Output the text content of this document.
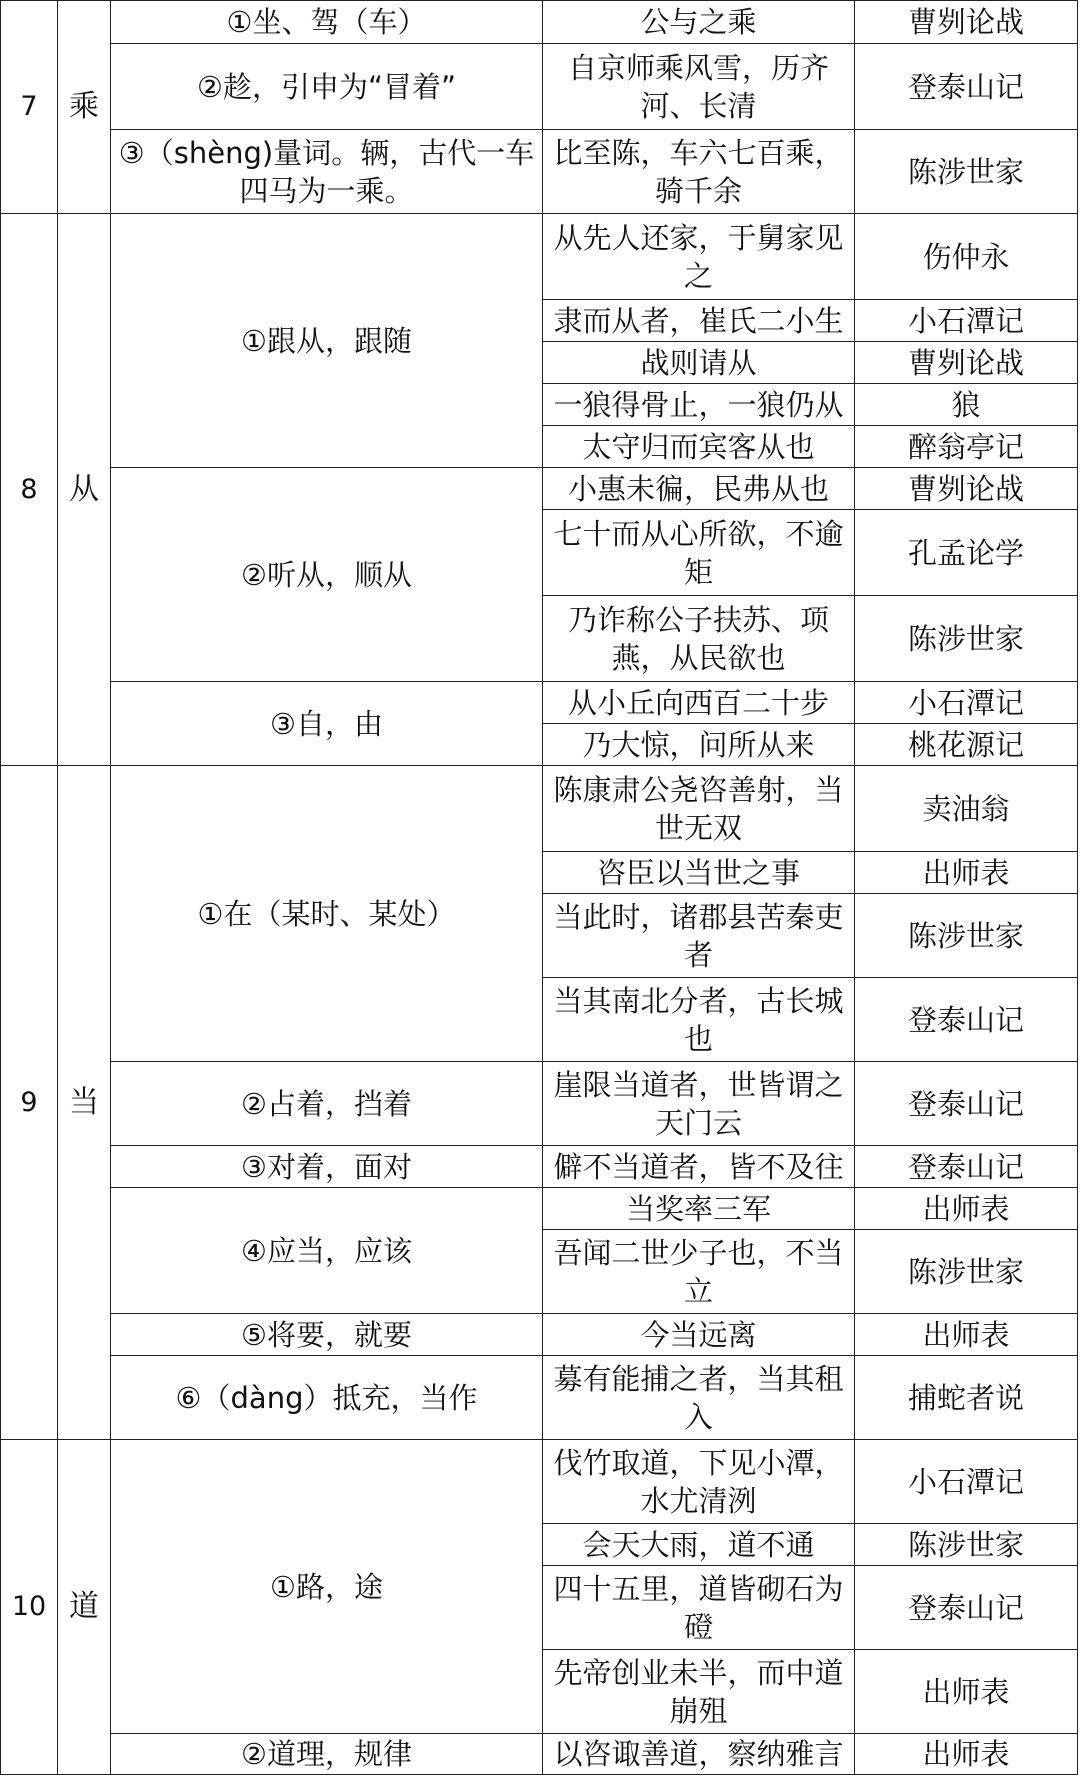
7	乘	①坐、驾（车）	公与之乘	曹刿论战
		②趁，引申为“冒着”	自京师乘风雪，历齐河、长清	登泰山记
		③（shèng)量词。辆，古代一车四马为一乘。	比至陈，车六七百乘，骑千余	陈涉世家
8	从	①跟从，跟随	从先人还家，于舅家见之	伤仲永
			隶而从者，崔氏二小生	小石潭记
			战则请从	曹刿论战
			一狼得骨止，一狼仍从	狼
			太守归而宾客从也	醉翁亭记
		②听从，顺从	小惠未徧，民弗从也	曹刿论战
			七十而从心所欲，不逾矩	孔孟论学
			乃诈称公子扶苏、项燕，从民欲也	陈涉世家
		③自，由	从小丘向西百二十步	小石潭记
			乃大惊，问所从来	桃花源记
9	当	①在（某时、某处）	陈康肃公尧咨善射，当世无双	卖油翁
			咨臣以当世之事	出师表
			当此时，诸郡县苦秦吏者	陈涉世家
			当其南北分者，古长城也	登泰山记
		②占着，挡着	崖限当道者，世皆谓之天门云	登泰山记
		③对着，面对	僻不当道者，皆不及往	登泰山记
		④应当，应该	当奖率三军	出师表
			吾闻二世少子也，不当立	陈涉世家
		⑤将要，就要	今当远离	出师表
		⑥（dàng）抵充，当作	募有能捕之者，当其租入	捕蛇者说
10	道	①路，途	伐竹取道，下见小潭，水尤清洌	小石潭记
			会天大雨，道不通	陈涉世家
			四十五里，道皆砌石为磴	登泰山记
			先帝创业未半，而中道崩殂	出师表
		②道理，规律	以咨诹善道，察纳雅言	出师表
